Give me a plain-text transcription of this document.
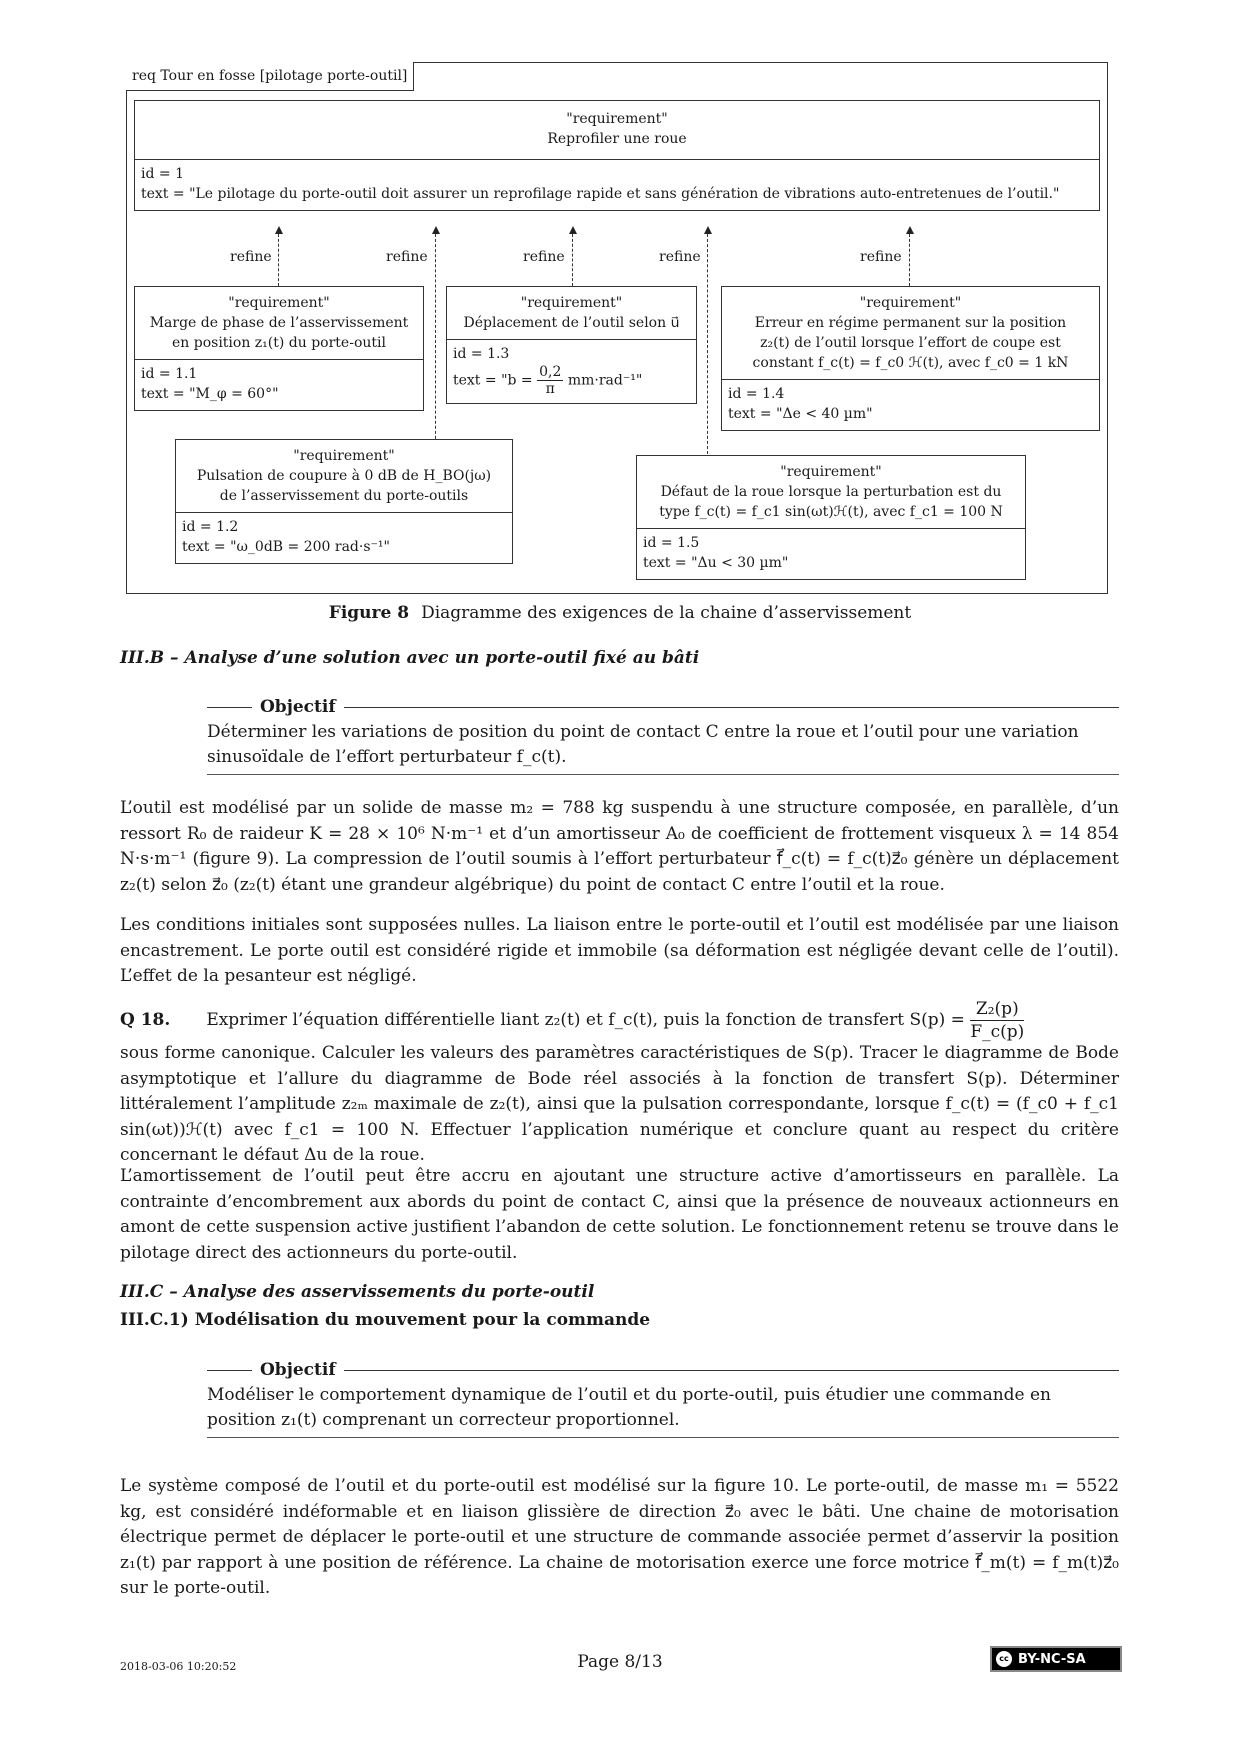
req Tour en fosse [pilotage porte-outil]
"requirement"
Reprofiler une roue
id = 1
text = "Le pilotage du porte-outil doit assurer un reprofilage rapide et sans génération de vibrations auto-entretenues de l’outil."
refine	refine	refine	refine	refine
"requirement"
Marge de phase de l’asservissement
en position z₁(t) du porte-outil
id = 1.1
text = "M_φ = 60°"
"requirement"
Déplacement de l’outil selon u⃗
id = 1.3
text = "$b = \frac{0,2}{\pi} mm\cdot rad^{-1}$"
"requirement"
Erreur en régime permanent sur la position
z₂(t) de l’outil lorsque l’effort de coupe est
constant f_c(t) = f_c0 ℋ(t), avec f_c0 = 1 kN
id = 1.4
text = "Δe < 40 µm"
"requirement"
Pulsation de coupure à 0 dB de H_BO(jω)
de l’asservissement du porte-outils
id = 1.2
text = "ω_0dB = 200 rad·s⁻¹"
"requirement"
Défaut de la roue lorsque la perturbation est du
type f_c(t) = f_c1 sin(ωt)ℋ(t), avec f_c1 = 100 N
id = 1.5
text = "Δu < 30 µm"
Figure 8 Diagramme des exigences de la chaine d’asservissement
III.B – Analyse d’une solution avec un porte-outil fixé au bâti
Objectif
Déterminer les variations de position du point de contact C entre la roue et l’outil pour une variation sinusoïdale de l’effort perturbateur f_c(t).
L’outil est modélisé par un solide de masse m₂ = 788 kg suspendu à une structure composée, en parallèle, d’un ressort R₀ de raideur K = 28 × 10⁶ N·m⁻¹ et d’un amortisseur A₀ de coefficient de frottement visqueux λ = 14 854 N·s·m⁻¹ (figure 9). La compression de l’outil soumis à l’effort perturbateur f⃗_c(t) = f_c(t)z⃗₀ génère un déplacement z₂(t) selon z⃗₀ (z₂(t) étant une grandeur algébrique) du point de contact C entre l’outil et la roue.
Les conditions initiales sont supposées nulles. La liaison entre le porte-outil et l’outil est modélisée par une liaison encastrement. Le porte outil est considéré rigide et immobile (sa déformation est négligée devant celle de l’outil). L’effet de la pesanteur est négligé.
Q 18. Exprimer l’équation différentielle liant z₂(t) et f_c(t), puis la fonction de transfert $S(p) = \frac{\text{Z₂(p)}}{F\_c(p)}$
sous forme canonique. Calculer les valeurs des paramètres caractéristiques de S(p). Tracer le diagramme de Bode asymptotique et l’allure du diagramme de Bode réel associés à la fonction de transfert S(p). Déterminer littéralement l’amplitude z₂ₘ maximale de z₂(t), ainsi que la pulsation correspondante, lorsque f_c(t) = (f_c0 + f_c1 sin(ωt))ℋ(t) avec f_c1 = 100 N. Effectuer l’application numérique et conclure quant au respect du critère concernant le défaut Δu de la roue.
L’amortissement de l’outil peut être accru en ajoutant une structure active d’amortisseurs en parallèle. La contrainte d’encombrement aux abords du point de contact C, ainsi que la présence de nouveaux actionneurs en amont de cette suspension active justifient l’abandon de cette solution. Le fonctionnement retenu se trouve dans le pilotage direct des actionneurs du porte-outil.
III.C – Analyse des asservissements du porte-outil
III.C.1) Modélisation du mouvement pour la commande
Objectif
Modéliser le comportement dynamique de l’outil et du porte-outil, puis étudier une commande en position z₁(t) comprenant un correcteur proportionnel.
Le système composé de l’outil et du porte-outil est modélisé sur la figure 10. Le porte-outil, de masse m₁ = 5522 kg, est considéré indéformable et en liaison glissière de direction z⃗₀ avec le bâti. Une chaine de motorisation électrique permet de déplacer le porte-outil et une structure de commande associée permet d’asservir la position z₁(t) par rapport à une position de référence. La chaine de motorisation exerce une force motrice f⃗_m(t) = f_m(t)z⃗₀ sur le porte-outil.
2018-03-06 10:20:52	Page 8/13	cc BY-NC-SA
